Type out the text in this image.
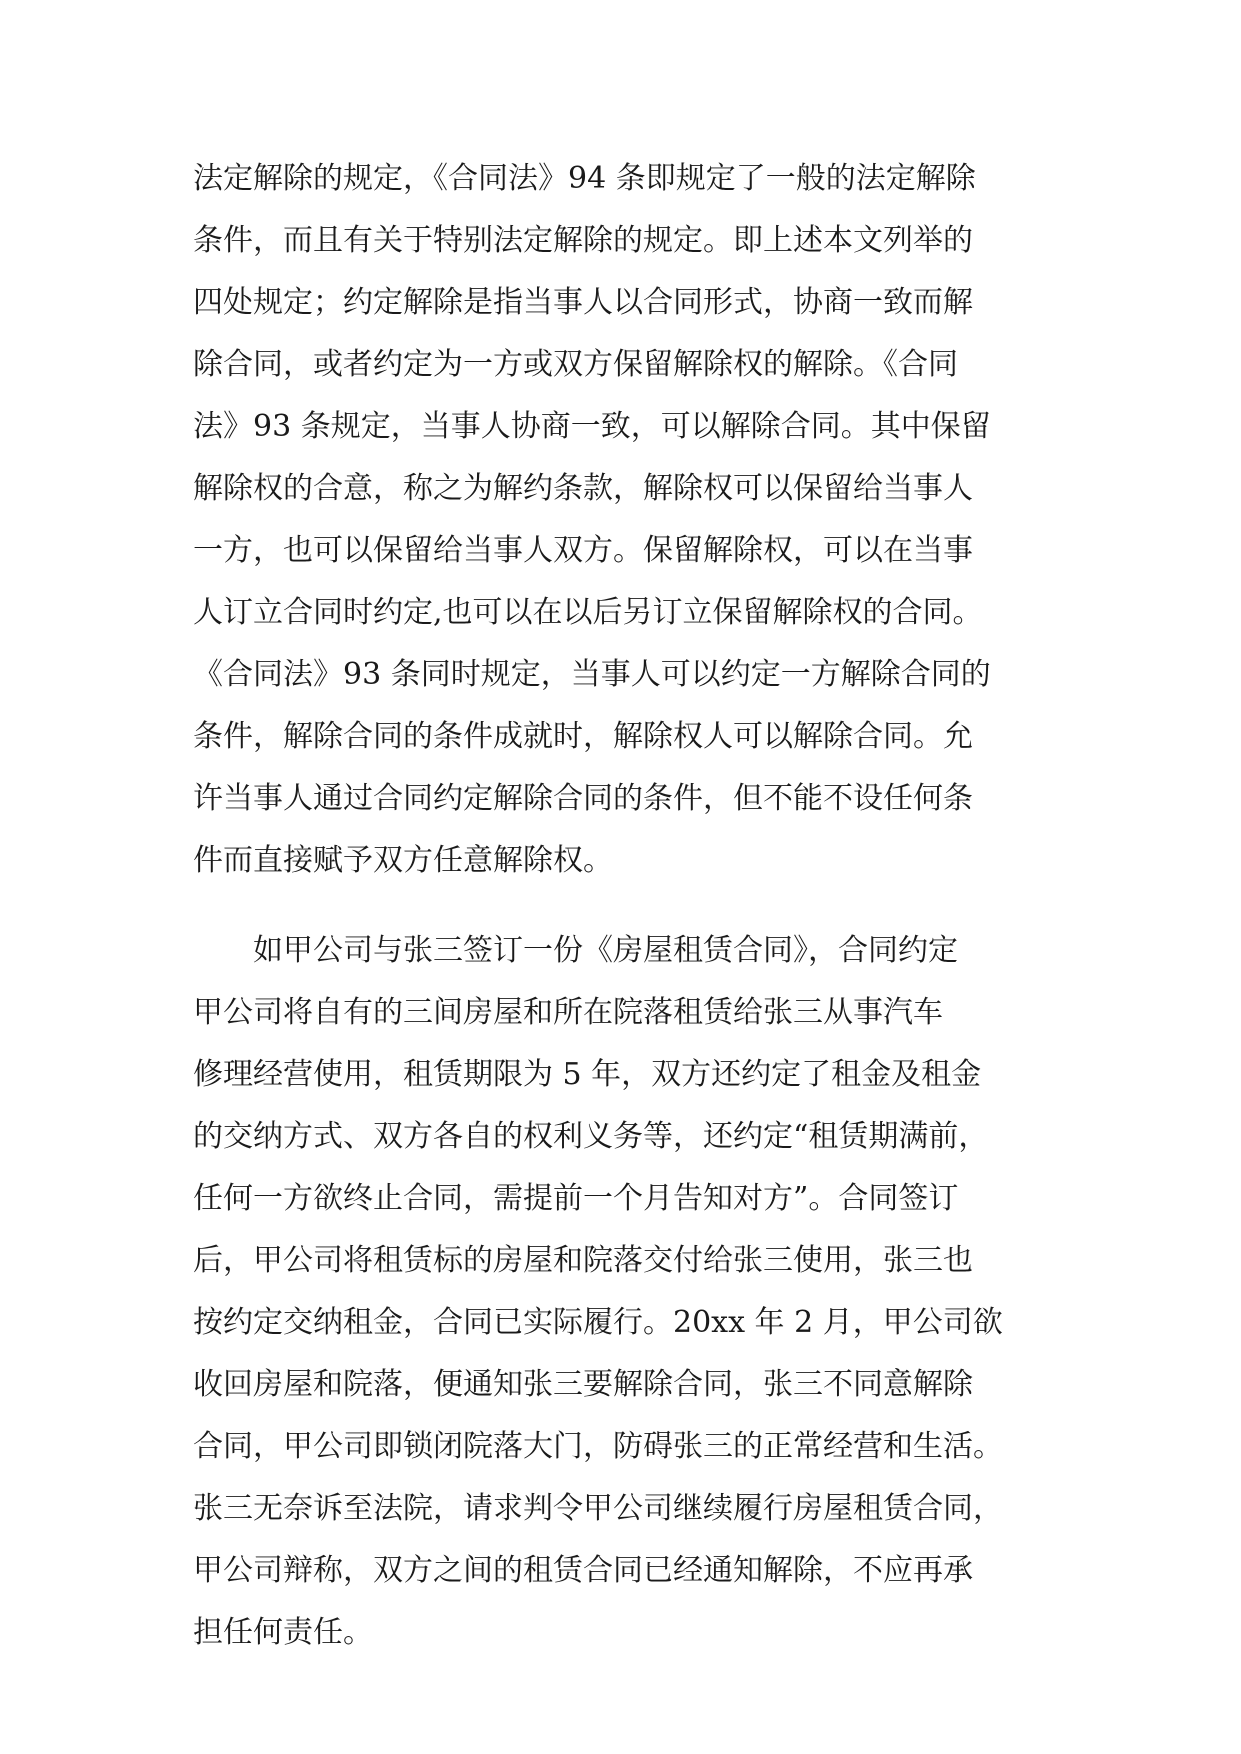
法定解除的规定，《合同法》94 条即规定了一般的法定解除
条件，而且有关于特别法定解除的规定。即上述本文列举的
四处规定；约定解除是指当事人以合同形式，协商一致而解
除合同，或者约定为一方或双方保留解除权的解除。《合同
法》93 条规定，当事人协商一致，可以解除合同。其中保留
解除权的合意，称之为解约条款，解除权可以保留给当事人
一方，也可以保留给当事人双方。保留解除权，可以在当事
人订立合同时约定,也可以在以后另订立保留解除权的合同。
《合同法》93 条同时规定，当事人可以约定一方解除合同的
条件，解除合同的条件成就时，解除权人可以解除合同。允
许当事人通过合同约定解除合同的条件，但不能不设任何条
件而直接赋予双方任意解除权。
如甲公司与张三签订一份《房屋租赁合同》，合同约定
甲公司将自有的三间房屋和所在院落租赁给张三从事汽车
修理经营使用，租赁期限为 5 年，双方还约定了租金及租金
的交纳方式、双方各自的权利义务等，还约定“租赁期满前，
任何一方欲终止合同，需提前一个月告知对方”。合同签订
后，甲公司将租赁标的房屋和院落交付给张三使用，张三也
按约定交纳租金，合同已实际履行。20xx 年 2 月，甲公司欲
收回房屋和院落，便通知张三要解除合同，张三不同意解除
合同，甲公司即锁闭院落大门，防碍张三的正常经营和生活。
张三无奈诉至法院，请求判令甲公司继续履行房屋租赁合同，
甲公司辩称，双方之间的租赁合同已经通知解除，不应再承
担任何责任。
